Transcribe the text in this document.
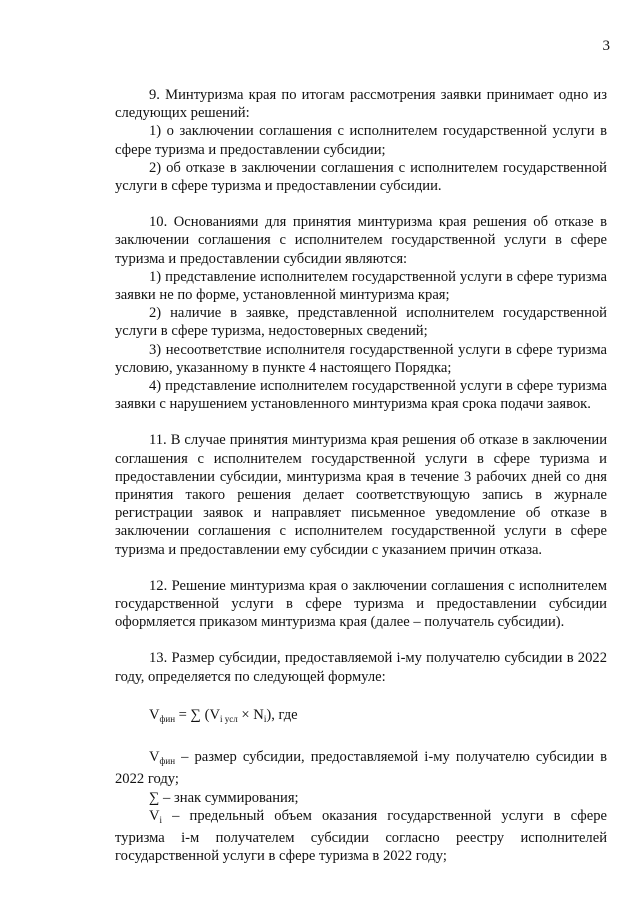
3

9. Минтуризма края по итогам рассмотрения заявки принимает одно из следующих решений:

1) о заключении соглашения с исполнителем государственной услуги в сфере туризма и предоставлении субсидии;

2) об отказе в заключении соглашения с исполнителем государственной услуги в сфере туризма и предоставлении субсидии.

10. Основаниями для принятия минтуризма края решения об отказе в заключении соглашения с исполнителем государственной услуги в сфере туризма и предоставлении субсидии являются:

1) представление исполнителем государственной услуги в сфере туризма заявки не по форме, установленной минтуризма края;

2) наличие в заявке, представленной исполнителем государственной услуги в сфере туризма, недостоверных сведений;

3) несоответствие исполнителя государственной услуги в сфере туризма условию, указанному в пункте 4 настоящего Порядка;

4) представление исполнителем государственной услуги в сфере туризма заявки с нарушением установленного минтуризма края срока подачи заявок.

11. В случае принятия минтуризма края решения об отказе в заключении соглашения с исполнителем государственной услуги в сфере туризма и предоставлении субсидии, минтуризма края в течение 3 рабочих дней со дня принятия такого решения делает соответствующую запись в журнале регистрации заявок и направляет письменное уведомление об отказе в заключении соглашения с исполнителем государственной услуги в сфере туризма и предоставлении ему субсидии с указанием причин отказа.

12. Решение минтуризма края о заключении соглашения с исполнителем государственной услуги в сфере туризма и предоставлении субсидии оформляется приказом минтуризма края (далее – получатель субсидии).

13. Размер субсидии, предоставляемой i-му получателю субсидии в 2022 году, определяется по следующей формуле:

$V_{фин}$ = ∑ $(V_{i усл} \times N_i)$, где

$V_{фин}$ – размер субсидии, предоставляемой i-му получателю субсидии в 2022 году;

∑ – знак суммирования;

$V_i$ – предельный объем оказания государственной услуги в сфере туризма i-м получателем субсидии согласно реестру исполнителей государственной услуги в сфере туризма в 2022 году;
